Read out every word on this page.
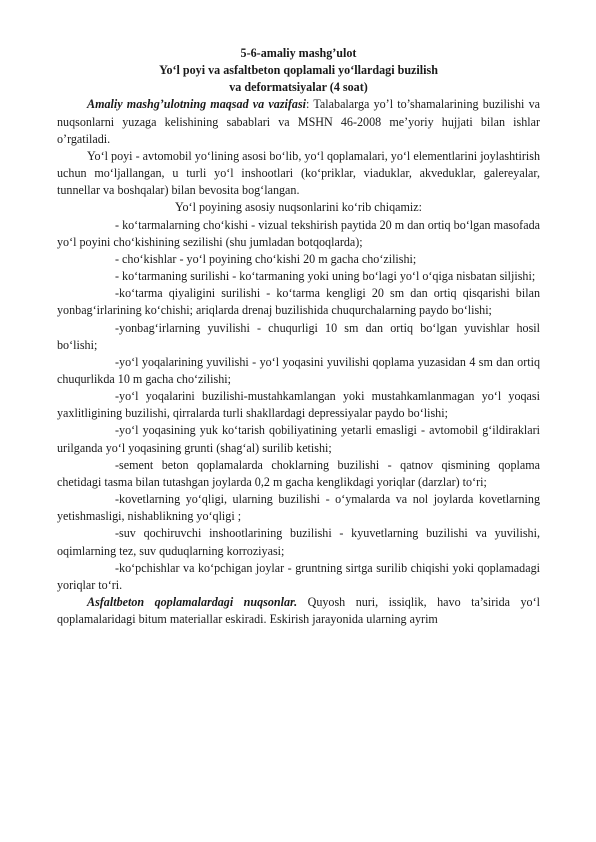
5-6-amaliy mashg’ulot

Yo‘l poyi va asfaltbeton qoplamali yo‘llardagi buzilish

va deformatsiyalar (4 soat)

Amaliy mashg’ulotning maqsad va vazifasi: Talabalarga yo’l to’shamalarining buzilishi va nuqsonlarni yuzaga kelishining sabablari va MSHN 46-2008 me’yoriy hujjati bilan ishlar o’rgatiladi.

Yo‘l poyi - avtomobil yo‘lining asosi bo‘lib, yo‘l qoplamalari, yo‘l elementlarini joylashtirish uchun mo‘ljallangan, u turli yo‘l inshootlari (ko‘priklar, viaduklar, akveduklar, galereyalar, tunnellar va boshqalar) bilan bevosita bog‘langan.

Yo‘l poyining asosiy nuqsonlarini ko‘rib chiqamiz:

- ko‘tarmalarning cho‘kishi - vizual tekshirish paytida 20 m dan ortiq bo‘lgan masofada yo‘l poyini cho‘kishining sezilishi (shu jumladan botqoqlarda);

- cho‘kishlar - yo‘l poyining cho‘kishi 20 m gacha cho‘zilishi;

- ko‘tarmaning surilishi - ko‘tarmaning yoki uning bo‘lagi yo‘l o‘qiga nisbatan siljishi;

-ko‘tarma qiyaligini surilishi - ko‘tarma kengligi 20 sm dan ortiq qisqarishi bilan yonbag‘irlarining ko‘chishi; ariqlarda drenaj buzilishida chuqurchalarning paydo bo‘lishi;

-yonbag‘irlarning yuvilishi - chuqurligi 10 sm dan ortiq bo‘lgan yuvishlar hosil bo‘lishi;

-yo‘l yoqalarining yuvilishi - yo‘l yoqasini yuvilishi qoplama yuzasidan 4 sm dan ortiq chuqurlikda 10 m gacha cho‘zilishi;

-yo‘l yoqalarini buzilishi-mustahkamlangan yoki mustahkamlanmagan yo‘l yoqasi yaxlitligining buzilishi, qirralarda turli shakllardagi depressiyalar paydo bo‘lishi;

-yo‘l yoqasining yuk ko‘tarish qobiliyatining yetarli emasligi - avtomobil g‘ildiraklari urilganda yo‘l yoqasining grunti (shag‘al) surilib ketishi;

-sement beton qoplamalarda choklarning buzilishi - qatnov qismining qoplama chetidagi tasma bilan tutashgan joylarda 0,2 m gacha kenglikdagi yoriqlar (darzlar) to‘ri;

-kovetlarning yo‘qligi, ularning buzilishi - o‘ymalarda va nol joylarda kovetlarning yetishmasligi, nishablikning yo‘qligi ;

-suv qochiruvchi inshootlarining buzilishi - kyuvetlarning buzilishi va yuvilishi, oqimlarning tez, suv quduqlarning korroziyasi;

-ko‘pchishlar va ko‘pchigan joylar - gruntning sirtga surilib chiqishi yoki qoplamadagi yoriqlar to‘ri.

Asfaltbeton qoplamalardagi nuqsonlar. Quyosh nuri, issiqlik, havo ta’sirida yo‘l qoplamalaridagi bitum materiallar eskiradi. Eskirish jarayonida ularning ayrim
